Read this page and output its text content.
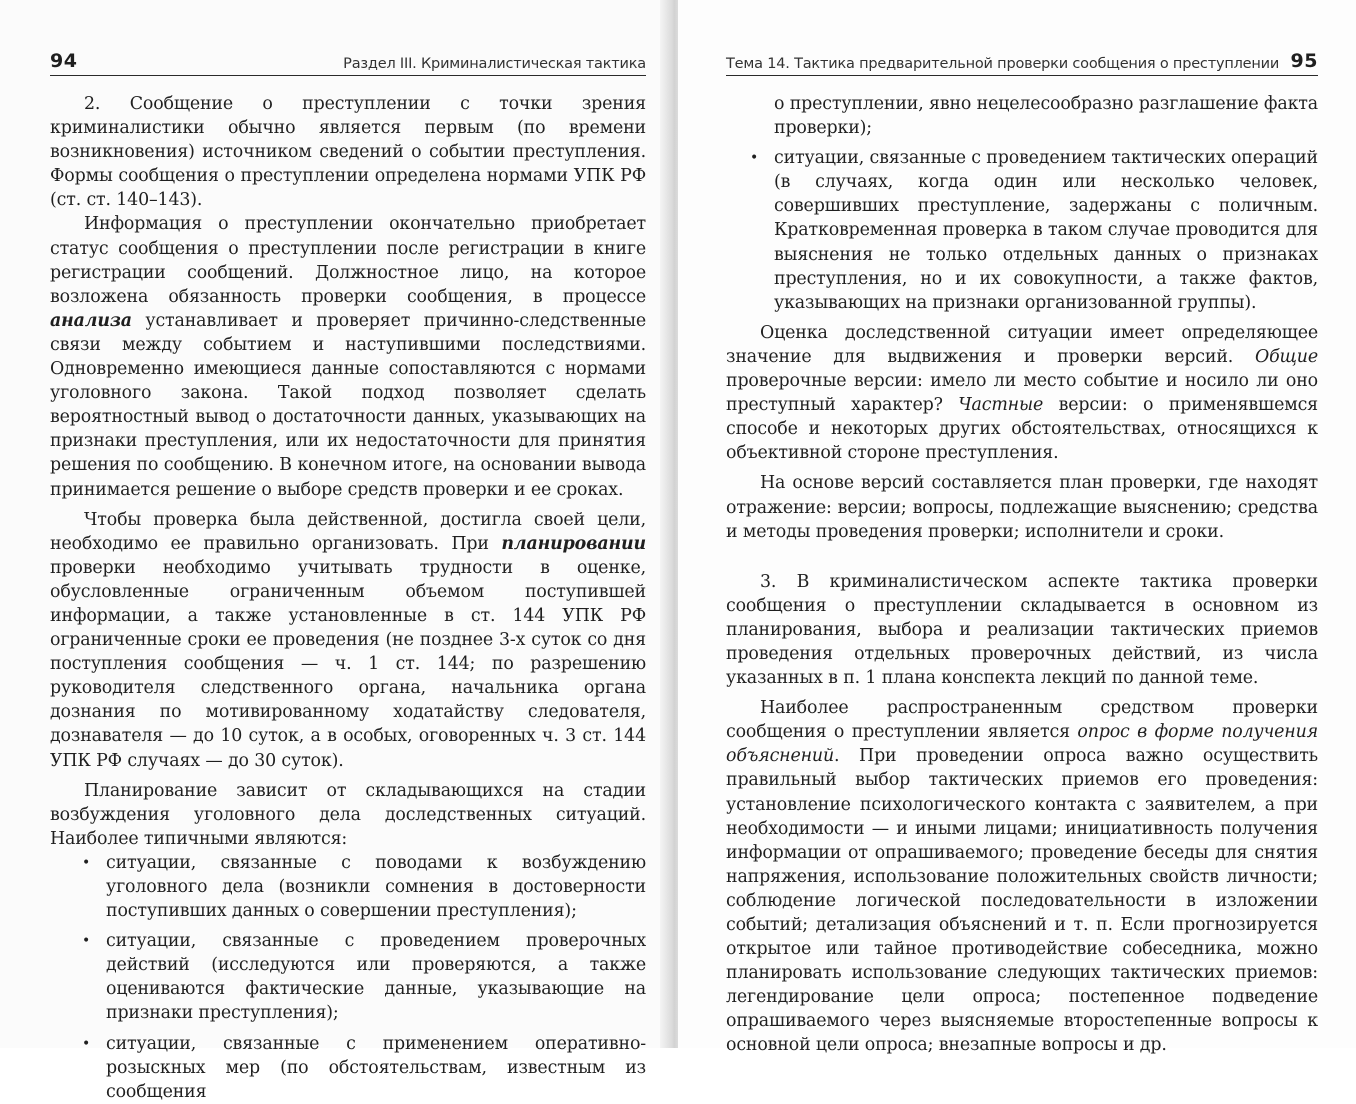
94	Раздел III. Криминалистическая тактика

2. Сообщение о преступлении с точки зрения криминалистики обычно является первым (по времени возникновения) источником сведений о событии преступления. Формы сообщения о преступлении определена нормами УПК РФ (ст. ст. 140–143).

Информация о преступлении окончательно приобретает статус сообщения о преступлении после регистрации в книге регистрации сообщений. Должностное лицо, на которое возложена обязанность проверки сообщения, в процессе анализа устанавливает и проверяет причинно-следственные связи между событием и наступившими последствиями. Одновременно имеющиеся данные сопоставляются с нормами уголовного закона. Такой подход позволяет сделать вероятностный вывод о достаточности данных, указывающих на признаки преступления, или их недостаточности для принятия решения по сообщению. В конечном итоге, на основании вывода принимается решение о выборе средств проверки и ее сроках.

Чтобы проверка была действенной, достигла своей цели, необходимо ее правильно организовать. При планировании проверки необходимо учитывать трудности в оценке, обусловленные ограниченным объемом поступившей информации, а также установленные в ст. 144 УПК РФ ограниченные сроки ее проведения (не позднее 3-х суток со дня поступления сообщения — ч. 1 ст. 144; по разрешению руководителя следственного органа, начальника органа дознания по мотивированному ходатайству следователя, дознавателя — до 10 суток, а в особых, оговоренных ч. 3 ст. 144 УПК РФ случаях — до 30 суток).

Планирование зависит от складывающихся на стадии возбуждения уголовного дела доследственных ситуаций. Наиболее типичными являются:

• ситуации, связанные с поводами к возбуждению уголовного дела (возникли сомнения в достоверности поступивших данных о совершении преступления);
• ситуации, связанные с проведением проверочных действий (исследуются или проверяются, а также оцениваются фактические данные, указывающие на признаки преступления);
• ситуации, связанные с применением оперативно-розыскных мер (по обстоятельствам, известным из сообщения
Тема 14. Тактика предварительной проверки сообщения о преступлении 95
о преступлении, явно нецелесообразно разглашение факта проверки);
• ситуации, связанные с проведением тактических операций (в случаях, когда один или несколько человек, совершивших преступление, задержаны с поличным. Кратковременная проверка в таком случае проводится для выяснения не только отдельных данных о признаках преступления, но и их совокупности, а также фактов, указывающих на признаки организованной группы).

Оценка доследственной ситуации имеет определяющее значение для выдвижения и проверки версий. Общие проверочные версии: имело ли место событие и носило ли оно преступный характер? Частные версии: о применявшемся способе и некоторых других обстоятельствах, относящихся к объективной стороне преступления.

На основе версий составляется план проверки, где находят отражение: версии; вопросы, подлежащие выяснению; средства и методы проведения проверки; исполнители и сроки.

3. В криминалистическом аспекте тактика проверки сообщения о преступлении складывается в основном из планирования, выбора и реализации тактических приемов проведения отдельных проверочных действий, из числа указанных в п. 1 плана конспекта лекций по данной теме.

Наиболее распространенным средством проверки сообщения о преступлении является опрос в форме получения объяснений. При проведении опроса важно осуществить правильный выбор тактических приемов его проведения: установление психологического контакта с заявителем, а при необходимости — и иными лицами; инициативность получения информации от опрашиваемого; проведение беседы для снятия напряжения, использование положительных свойств личности; соблюдение логической последовательности в изложении событий; детализация объяснений и т. п. Если прогнозируется открытое или тайное противодействие собеседника, можно планировать использование следующих тактических приемов: легендирование цели опроса; постепенное подведение опрашиваемого через выясняемые второстепенные вопросы к основной цели опроса; внезапные вопросы и др.
